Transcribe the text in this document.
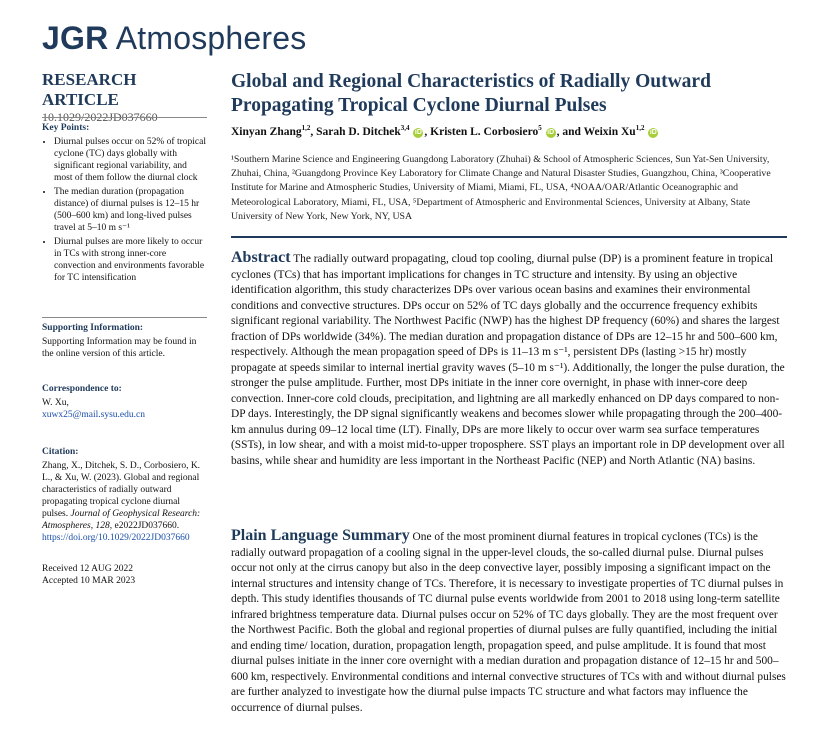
JGR Atmospheres
RESEARCH ARTICLE
10.1029/2022JD037660
Key Points:
• Diurnal pulses occur on 52% of tropical cyclone (TC) days globally with significant regional variability, and most of them follow the diurnal clock
• The median duration (propagation distance) of diurnal pulses is 12–15 hr (500–600 km) and long-lived pulses travel at 5–10 m s⁻¹
• Diurnal pulses are more likely to occur in TCs with strong inner-core convection and environments favorable for TC intensification
Supporting Information:
Supporting Information may be found in the online version of this article.
Correspondence to:
W. Xu,
xuwx25@mail.sysu.edu.cn
Citation:
Zhang, X., Ditchek, S. D., Corbosiero, K. L., & Xu, W. (2023). Global and regional characteristics of radially outward propagating tropical cyclone diurnal pulses. Journal of Geophysical Research: Atmospheres, 128, e2022JD037660.
https://doi.org/10.1029/2022JD037660
Received 12 AUG 2022
Accepted 10 MAR 2023
Global and Regional Characteristics of Radially Outward Propagating Tropical Cyclone Diurnal Pulses
Xinyan Zhang$^{1,2}$, Sarah D. Ditchek$^{3,4}$ iD , Kristen L. Corbosiero$^5$ iD , and Weixin Xu$^{1,2}$ iD
¹Southern Marine Science and Engineering Guangdong Laboratory (Zhuhai) & School of Atmospheric Sciences, Sun Yat-Sen University, Zhuhai, China, ²Guangdong Province Key Laboratory for Climate Change and Natural Disaster Studies, Guangzhou, China, ³Cooperative Institute for Marine and Atmospheric Studies, University of Miami, Miami, FL, USA, ⁴NOAA/OAR/Atlantic Oceanographic and Meteorological Laboratory, Miami, FL, USA, ⁵Department of Atmospheric and Environmental Sciences, University at Albany, State University of New York, New York, NY, USA
Abstract The radially outward propagating, cloud top cooling, diurnal pulse (DP) is a prominent feature in tropical cyclones (TCs) that has important implications for changes in TC structure and intensity. By using an objective identification algorithm, this study characterizes DPs over various ocean basins and examines their environmental conditions and convective structures. DPs occur on 52% of TC days globally and the occurrence frequency exhibits significant regional variability. The Northwest Pacific (NWP) has the highest DP frequency (60%) and shares the largest fraction of DPs worldwide (34%). The median duration and propagation distance of DPs are 12–15 hr and 500–600 km, respectively. Although the mean propagation speed of DPs is 11–13 m s⁻¹, persistent DPs (lasting >15 hr) mostly propagate at speeds similar to internal inertial gravity waves (5–10 m s⁻¹). Additionally, the longer the pulse duration, the stronger the pulse amplitude. Further, most DPs initiate in the inner core overnight, in phase with inner-core deep convection. Inner-core cold clouds, precipitation, and lightning are all markedly enhanced on DP days compared to non-DP days. Interestingly, the DP signal significantly weakens and becomes slower while propagating through the 200–400-km annulus during 09–12 local time (LT). Finally, DPs are more likely to occur over warm sea surface temperatures (SSTs), in low shear, and with a moist mid-to-upper troposphere. SST plays an important role in DP development over all basins, while shear and humidity are less important in the Northeast Pacific (NEP) and North Atlantic (NA) basins.
Plain Language Summary One of the most prominent diurnal features in tropical cyclones (TCs) is the radially outward propagation of a cooling signal in the upper-level clouds, the so-called diurnal pulse. Diurnal pulses occur not only at the cirrus canopy but also in the deep convective layer, possibly imposing a significant impact on the internal structures and intensity change of TCs. Therefore, it is necessary to investigate properties of TC diurnal pulses in depth. This study identifies thousands of TC diurnal pulse events worldwide from 2001 to 2018 using long-term satellite infrared brightness temperature data. Diurnal pulses occur on 52% of TC days globally. They are the most frequent over the Northwest Pacific. Both the global and regional properties of diurnal pulses are fully quantified, including the initial and ending time/ location, duration, propagation length, propagation speed, and pulse amplitude. It is found that most diurnal pulses initiate in the inner core overnight with a median duration and propagation distance of 12–15 hr and 500–600 km, respectively. Environmental conditions and internal convective structures of TCs with and without diurnal pulses are further analyzed to investigate how the diurnal pulse impacts TC structure and what factors may influence the occurrence of diurnal pulses.
